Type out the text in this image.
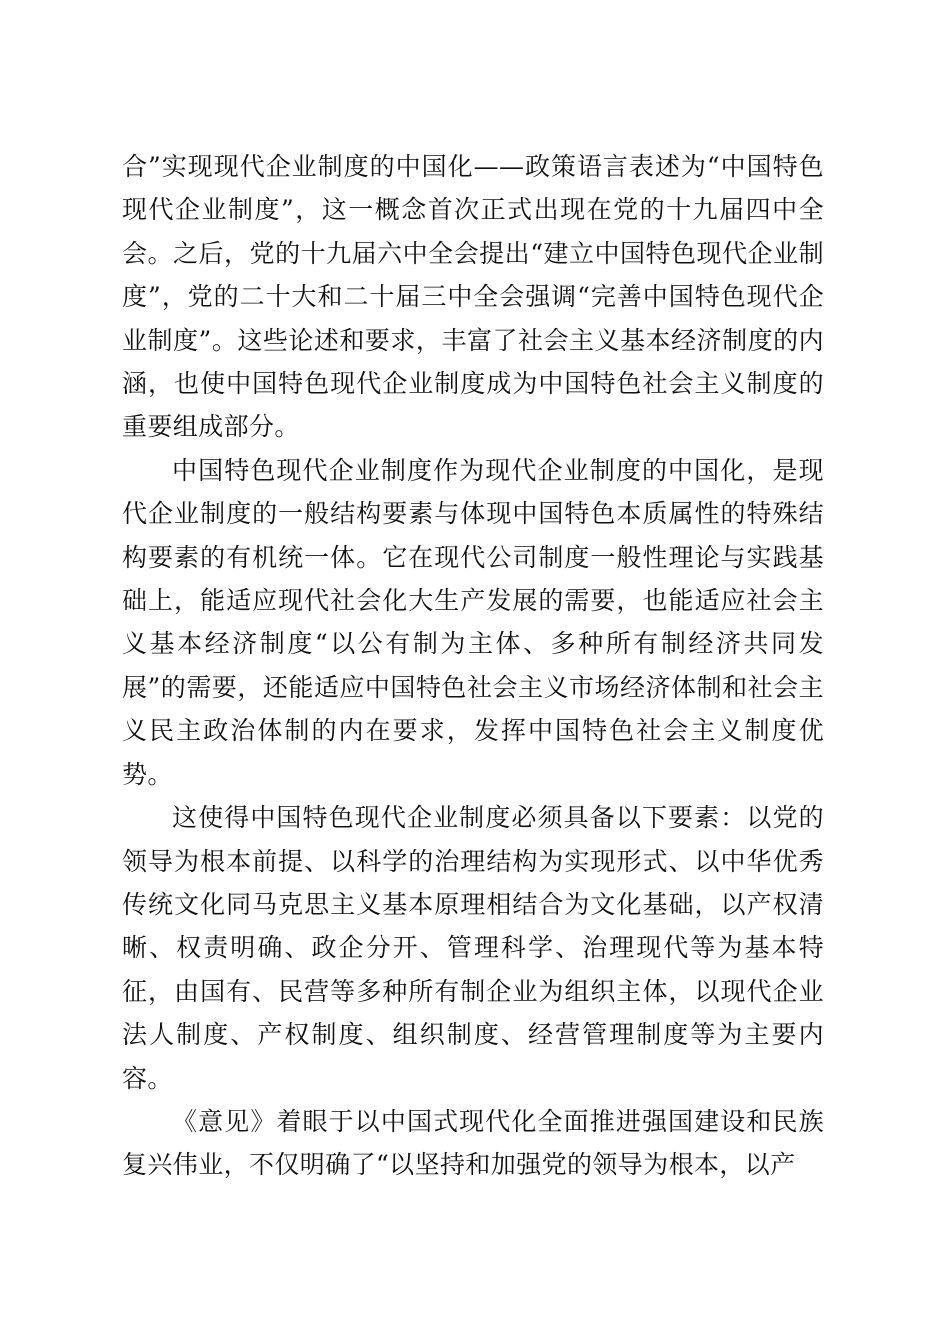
合”实现现代企业制度的中国化——政策语言表述为“中国特色现代企业制度”，这一概念首次正式出现在党的十九届四中全会。之后，党的十九届六中全会提出“建立中国特色现代企业制度”，党的二十大和二十届三中全会强调“完善中国特色现代企业制度”。这些论述和要求，丰富了社会主义基本经济制度的内涵，也使中国特色现代企业制度成为中国特色社会主义制度的重要组成部分。

中国特色现代企业制度作为现代企业制度的中国化，是现代企业制度的一般结构要素与体现中国特色本质属性的特殊结构要素的有机统一体。它在现代公司制度一般性理论与实践基础上，能适应现代社会化大生产发展的需要，也能适应社会主义基本经济制度“以公有制为主体、多种所有制经济共同发展”的需要，还能适应中国特色社会主义市场经济体制和社会主义民主政治体制的内在要求，发挥中国特色社会主义制度优势。

这使得中国特色现代企业制度必须具备以下要素：以党的领导为根本前提、以科学的治理结构为实现形式、以中华优秀传统文化同马克思主义基本原理相结合为文化基础，以产权清晰、权责明确、政企分开、管理科学、治理现代等为基本特征，由国有、民营等多种所有制企业为组织主体，以现代企业法人制度、产权制度、组织制度、经营管理制度等为主要内容。

《意见》着眼于以中国式现代化全面推进强国建设和民族复兴伟业，不仅明确了“以坚持和加强党的领导为根本，以产
